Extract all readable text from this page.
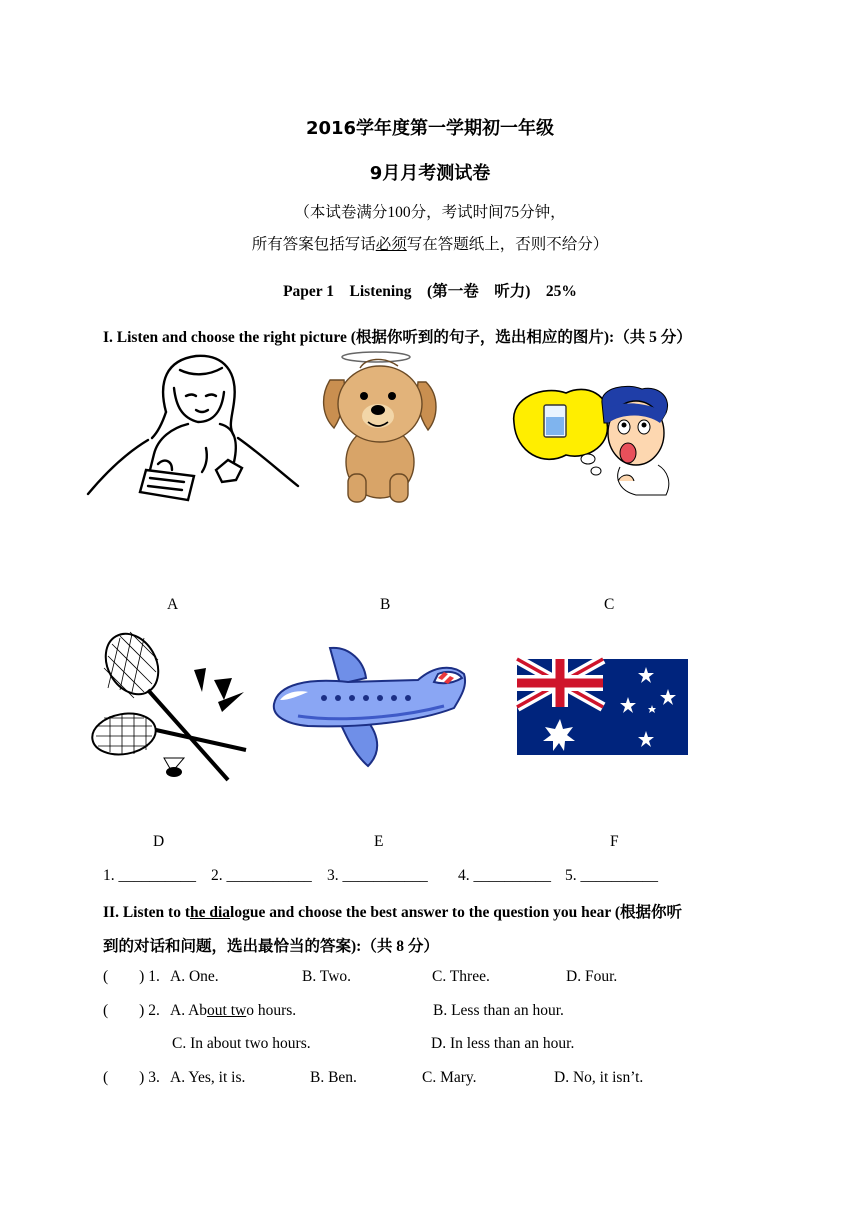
2016学年度第一学期初一年级
9月月考测试卷
（本试卷满分100分，考试时间75分钟，
所有答案包括写话必须写在答题纸上，否则不给分）
Paper 1    Listening    (第一卷    听力)    25%
I. Listen and choose the right picture (根据你听到的句子，选出相应的图片):（共 5 分）
A	B	C
D	E	F
1. __________ 2. ___________ 3. ___________ 4. __________ 5. __________
II. Listen to the dialogue and choose the best answer to the question you hear (根据你听
到的对话和问题，选出最恰当的答案):（共 8 分）
(        ) 1. A. One.	B. Two.	C. Three.	D. Four.
(        ) 2. A. About two hours.	B. Less than an hour.
C. In about two hours.	D. In less than an hour.
(        ) 3. A. Yes, it is.	B. Ben.	C. Mary.	D. No, it isn’t.
